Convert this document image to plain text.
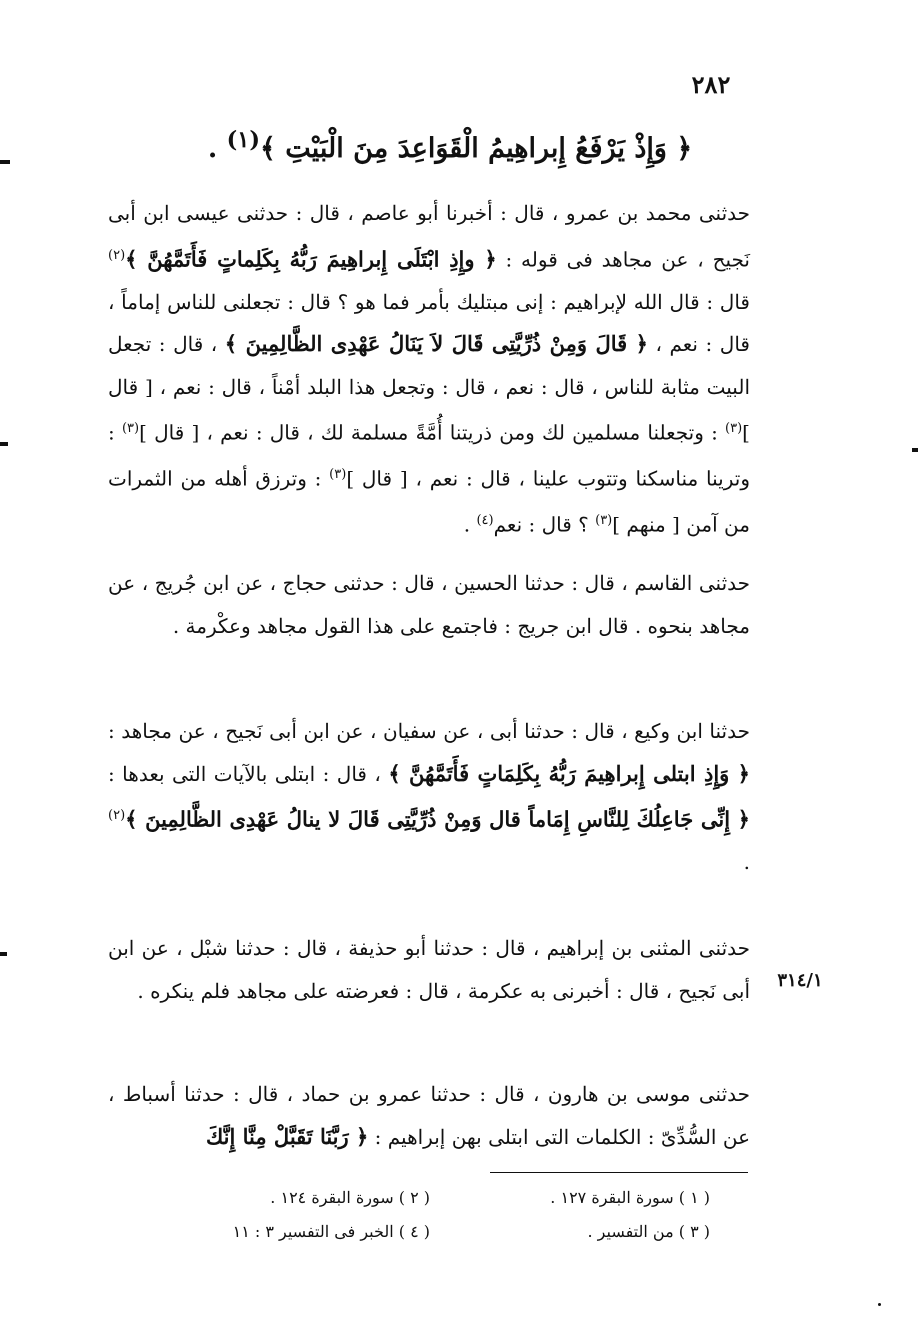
٢٨٢
﴿ وَإِذْ يَرْفَعُ إِبراهِيمُ الْقَوَاعِدَ مِنَ الْبَيْتِ ﴾$^{(١)}$ .
حدثنى محمد بن عمرو ، قال : أخبرنا أبو عاصم ، قال : حدثنى عيسى ابن أبى نَجيح ، عن مجاهد فى قوله : ﴿ وإِذِ ابْتَلَى إِبراهِيمَ رَبُّهُ بِكَلِماتٍ فَأَتَمَّهُنَّ ﴾$^{(٢)}$ قال : قال الله لإبراهيم : إنى مبتليك بأمر فما هو ؟ قال : تجعلنى للناس إماماً ، قال : نعم ، ﴿ قَالَ وَمِنْ ذُرِّيَّتِى قَالَ لاَ يَنَالُ عَهْدِى الظَّالِمِينَ ﴾ ، قال : تجعل البيت مثابة للناس ، قال : نعم ، قال : وتجعل هذا البلد أمْناً ، قال : نعم ، [ قال ]$^{(٣)}$ : وتجعلنا مسلمين لك ومن ذريتنا أُمَّةً مسلمة لك ، قال : نعم ، [ قال ]$^{(٣)}$ : وترينا مناسكنا وتتوب علينا ، قال : نعم ، [ قال ]$^{(٣)}$ : وترزق أهله من الثمرات من آمن [ منهم ]$^{(٣)}$ ؟ قال : نعم$^{(٤)}$ .
حدثنى القاسم ، قال : حدثنا الحسين ، قال : حدثنى حجاج ، عن ابن جُريج ، عن مجاهد بنحوه . قال ابن جريج : فاجتمع على هذا القول مجاهد وعكْرمة .
حدثنا ابن وكيع ، قال : حدثنا أبى ، عن سفيان ، عن ابن أبى نَجيح ، عن مجاهد : ﴿ وَإِذِ ابتلى إِبراهِيمَ رَبُّهُ بِكَلِمَاتٍ فَأَتَمَّهُنَّ ﴾ ، قال : ابتلى بالآيات التى بعدها : ﴿ إِنِّى جَاعِلُكَ لِلنَّاسِ إِمَاماً قال وَمِنْ ذُرِّيَّتِى قَالَ لا ينالُ عَهْدِى الظَّالِمِينَ ﴾$^{(٢)}$ .
حدثنى المثنى بن إبراهيم ، قال : حدثنا أبو حذيفة ، قال : حدثنا شبْل ، عن ابن أبى نَجيح ، قال : أخبرنى به عكرمة ، قال : فعرضته على مجاهد فلم ينكره .	٣١٤/١
حدثنى موسى بن هارون ، قال : حدثنا عمرو بن حماد ، قال : حدثنا أسباط ، عن السُّدِّىّ : الكلمات التى ابتلى بهن إبراهيم : ﴿ رَبَّنَا تَقَبَّلْ مِنَّا إِنَّكَ
( ١ ) سورة البقرة ١٢٧ .
( ٢ ) سورة البقرة ١٢٤ .
( ٣ ) من التفسير .
( ٤ ) الخبر فى التفسير ٣ : ١١
